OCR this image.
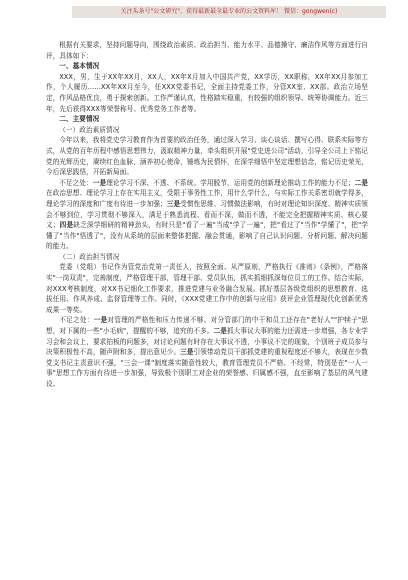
关注头条号"公文研究"，获得最新最全最专业的公文资料库！ 微信：gongwen(c)

根据有关要求，坚持问题导向，围绕政治素质、政治担当、能力水平、品德操守、廉洁作风等方面进行自评，具体如下：

一、基本情况

XXX，男，生于XX年XX月，XX人，XX年X月加入中国共产党，XX学历，XX职称，XX年XX月参加工作，个人履历……XX年XX月至今，任XXX党委书记，全面主持党委工作，分管XX室、XX部。政治立场坚定，作风品格优良，勇于探索创新。工作严谨认真，性格踏实稳重，有较强的组织领导、统筹协调能力。近三年，先后获得XXX等荣誉称号、优秀党务工作者等。

二、主要情况

（一）政治素质情况

今年以来，我将党史学习教育作为首要的政治任务，通过深入学习、谈心谈话、撰写心得、联系实际等方式，从党的百年历程中感悟思想伟力，汲取精神力量，牵头组织开展"党史进公司"活动，引导全公司上下铭记党的光辉历史，赓续红色血脉，涵养初心使命，锤炼为民情怀，在深学细悟中坚定理想信念，铭记历史荣光，今后深思践悟，开拓新局面。

不足之处：一是理论学习不深、不透、不系统。学用脱节，运用党的创新理论推动工作的能力不足；二是在政治思想、理论学习上存在实用主义，受限于事务性工作，用什么学什么，与实际工作关系密切就学得多，理论学习的深度和广度有待进一步加强；三是受惯性思维、习惯做法影响，有时对理论知识深度、精神实质领会不够到位，学习贯彻不够深入，满足于熟悉流程、看而不深，做而不透，不能完全把握精神实质、核心要义；四是缺乏深学细研的精神劲头，有时只是"看了一遍"当成"学了一遍"，把"看过了"当作"学懂了"，把"学懂了"当作"悟透了"，没有从系统的层面来整体把握、融会贯通，影响了自己认识问题、分析问题、解决问题的能力。

（二）政治担当情况

党委（党组）书记作为管党治党第一责任人，按照全面、从严原则，严格执行《准则》《条例》，严格落实"一岗双责"，完善制度，严格管理干部，管理干部、党员队伍，抓实抓细抓深每位员工的工作。结合实际，对XXX考核制度，对XX书记细化工作要求，推进党建与业务融合发展。抓好基层各级党组织的思想教育、选拔任用、作风养成、监督管理等工作。同时，《XXX党建工作中的创新与应用》获评企业管理现代化创新优秀成果一等奖。

不足之处：一是对管理的严格性和压力传递不够。对分管部门的中干和员工还存在"老好人""护犊子"思想，对下属的一些"小毛病"，提醒的不够，追究的不多。二是抓大事议大事的能力还需进一步增强，各专业学习会和会议上，要求拍板的问题多，对讨论问题有时存在大事议不透，小事议不完的现象，个别班子成员参与决策积极性不高，随声附和多，提出意见少。三是引领带动党员干部抓党建的重视程度还不够大，表现在少数党支书记主责意识不强，"三会一课"制度落实随意性较大，教育管理党员不严格、不经常，特别是在"一人一事"思想工作方面有待进一步加强，导致极个别职工对企业的荣誉感、归属感不强，直至影响了基层的风气建设。
